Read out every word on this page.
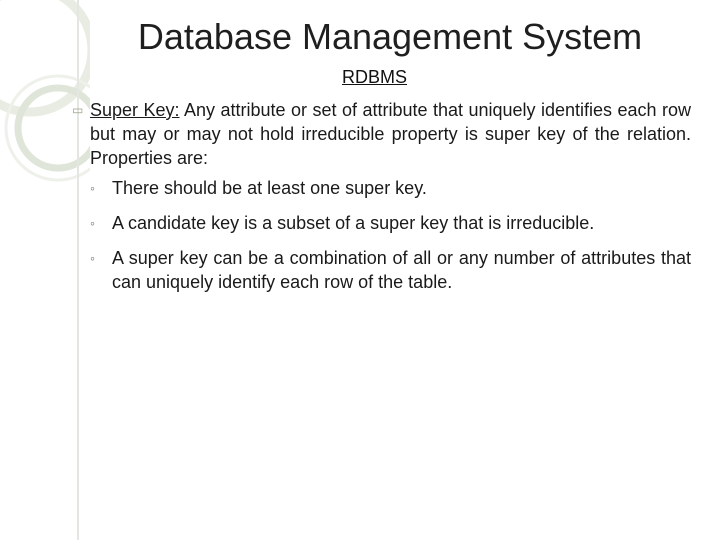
Database Management System
RDBMS
▭ Super Key: Any attribute or set of attribute that uniquely identifies each row but may or may not hold irreducible property is super key of the relation. Properties are:
◦ There should be at least one super key.
◦ A candidate key is a subset of a super key that is irreducible.
◦ A super key can be a combination of all or any number of attributes that can uniquely identify each row of the table.
